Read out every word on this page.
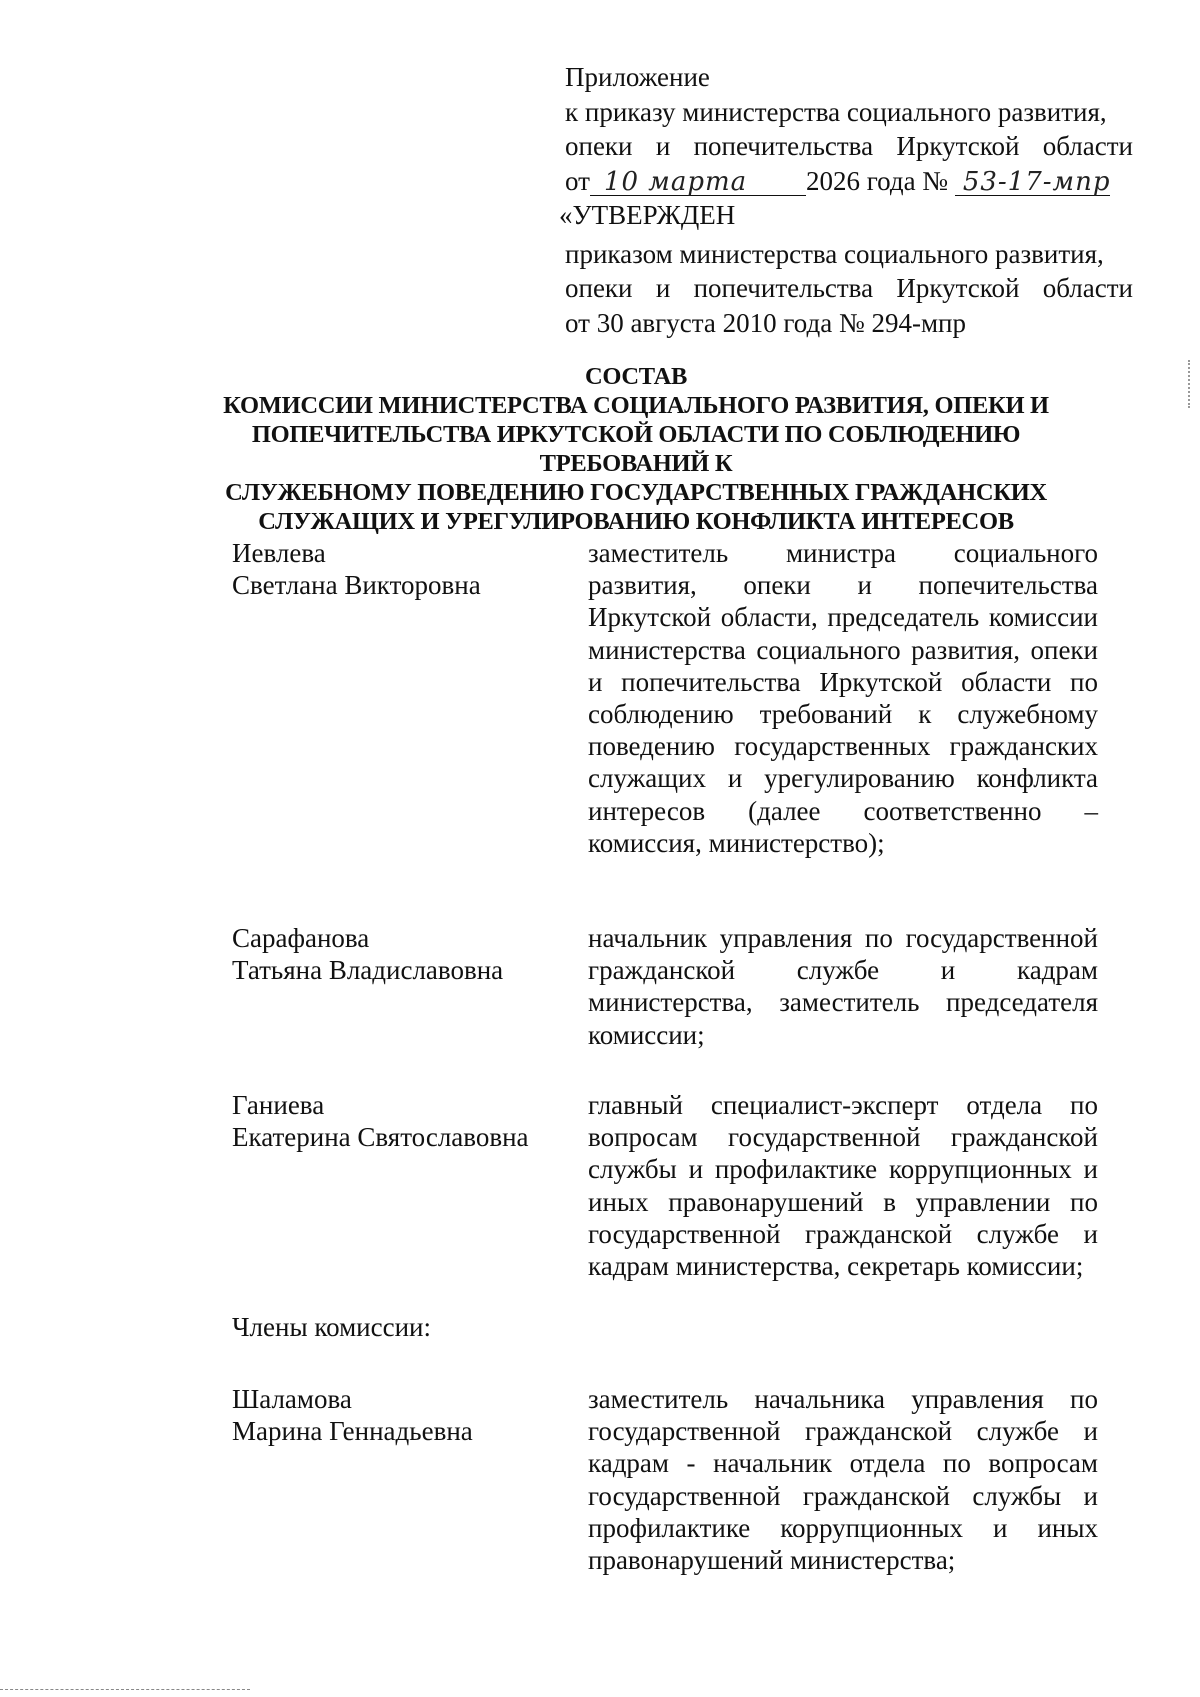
Приложение
к приказу министерства социального развития,
опеки и попечительства Иркутской области
от 10 марта 2026 года № 53-17-мпр
«УТВЕРЖДЕН
приказом министерства социального развития,
опеки и попечительства Иркутской области
от 30 августа 2010 года № 294-мпр
СОСТАВ
КОМИССИИ МИНИСТЕРСТВА СОЦИАЛЬНОГО РАЗВИТИЯ, ОПЕКИ И
ПОПЕЧИТЕЛЬСТВА ИРКУТСКОЙ ОБЛАСТИ ПО СОБЛЮДЕНИЮ ТРЕБОВАНИЙ К
СЛУЖЕБНОМУ ПОВЕДЕНИЮ ГОСУДАРСТВЕННЫХ ГРАЖДАНСКИХ
СЛУЖАЩИХ И УРЕГУЛИРОВАНИЮ КОНФЛИКТА ИНТЕРЕСОВ
Иевлева
Светлана Викторовна
заместитель министра социального развития, опеки и попечительства Иркутской области, председатель комиссии министерства социального развития, опеки и попечительства Иркутской области по соблюдению требований к служебному поведению государственных гражданских служащих и урегулированию конфликта интересов (далее соответственно – комиссия, министерство);
Сарафанова
Татьяна Владиславовна
начальник управления по государственной гражданской службе и кадрам министерства, заместитель председателя комиссии;
Ганиева
Екатерина Святославовна
главный специалист-эксперт отдела по вопросам государственной гражданской службы и профилактике коррупционных и иных правонарушений в управлении по государственной гражданской службе и кадрам министерства, секретарь комиссии;
Члены комиссии:
Шаламова
Марина Геннадьевна
заместитель начальника управления по государственной гражданской службе и кадрам - начальник отдела по вопросам государственной гражданской службы и профилактике коррупционных и иных правонарушений министерства;
